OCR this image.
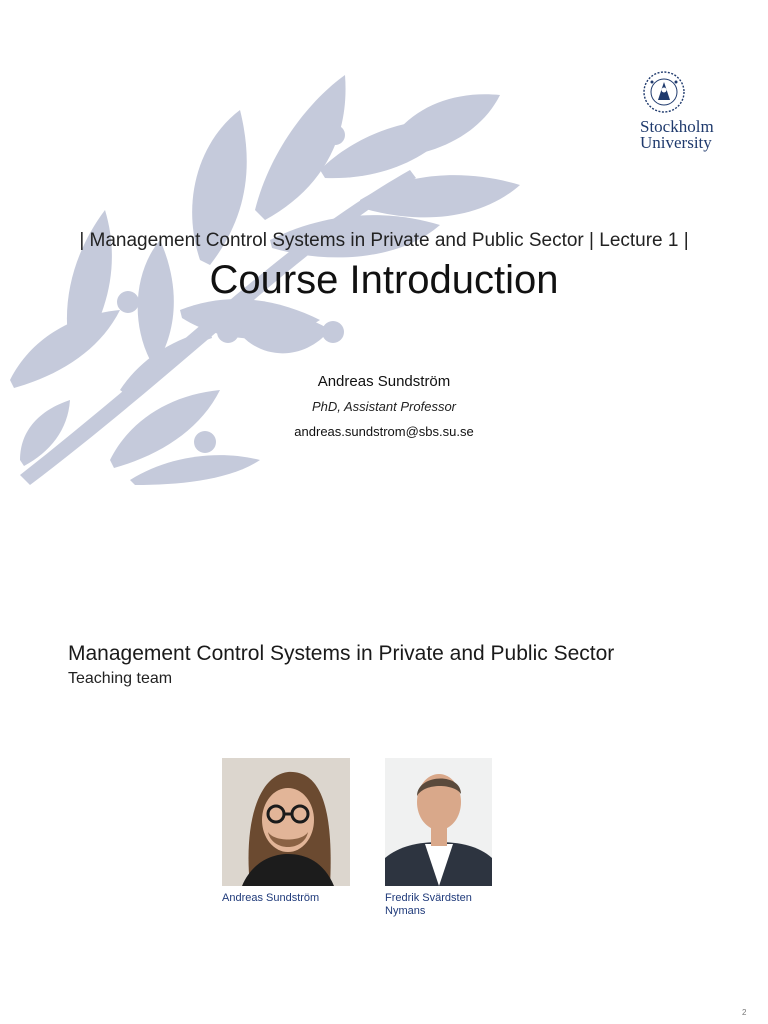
Stockholm
University
| Management Control Systems in Private and Public Sector | Lecture 1 |
Course Introduction
Andreas Sundström
PhD, Assistant Professor
andreas.sundstrom@sbs.su.se
Management Control Systems in Private and Public Sector
Teaching team
Andreas Sundström	Fredrik Svärdsten
Nymans
2
